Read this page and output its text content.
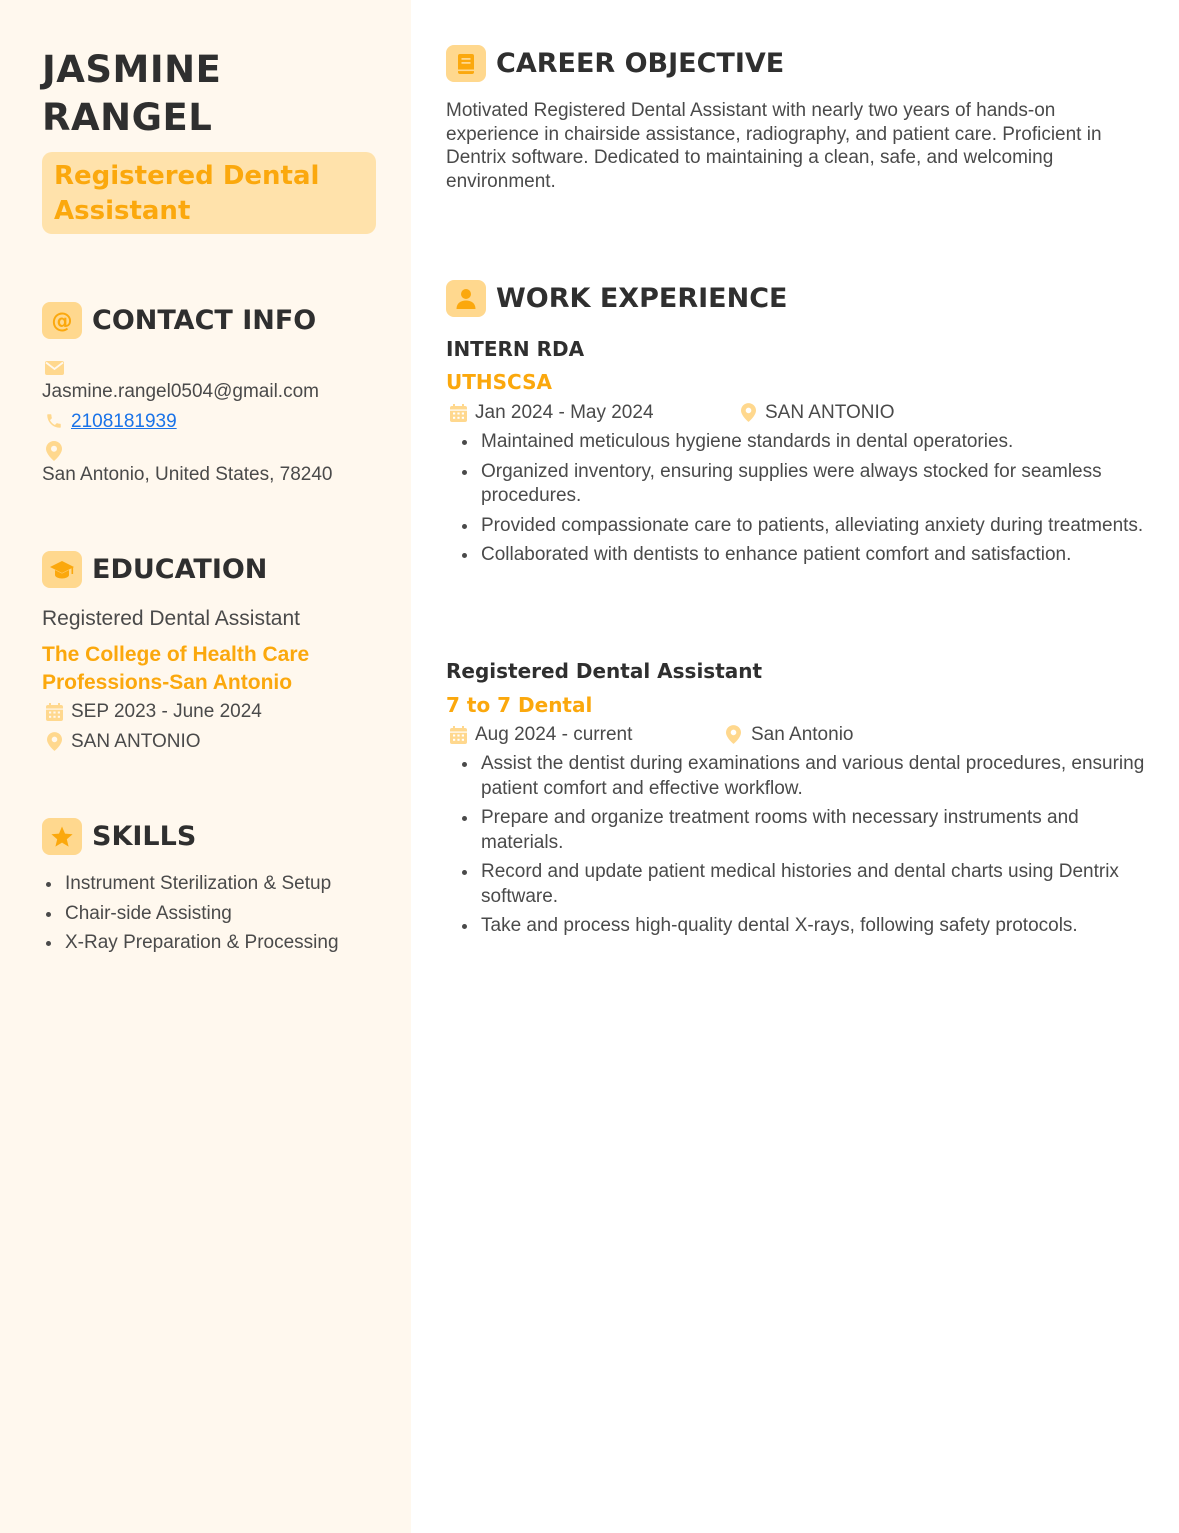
JASMINE
RANGEL
Registered Dental Assistant
@ CONTACT INFO
Jasmine.rangel0504@gmail.com
2108181939
San Antonio, United States, 78240
EDUCATION
Registered Dental Assistant
The College of Health Care Professions-San Antonio
SEP 2023 - June 2024
SAN ANTONIO
SKILLS
Instrument Sterilization & Setup
Chair-side Assisting
X-Ray Preparation & Processing
CAREER OBJECTIVE
Motivated Registered Dental Assistant with nearly two years of hands-on experience in chairside assistance, radiography, and patient care. Proficient in Dentrix software. Dedicated to maintaining a clean, safe, and welcoming environment.
WORK EXPERIENCE
INTERN RDA
UTHSCSA
Jan 2024 - May 2024	SAN ANTONIO
Maintained meticulous hygiene standards in dental operatories.
Organized inventory, ensuring supplies were always stocked for seamless procedures.
Provided compassionate care to patients, alleviating anxiety during treatments.
Collaborated with dentists to enhance patient comfort and satisfaction.
Registered Dental Assistant
7 to 7 Dental
Aug 2024 - current	San Antonio
Assist the dentist during examinations and various dental procedures, ensuring patient comfort and effective workflow.
Prepare and organize treatment rooms with necessary instruments and materials.
Record and update patient medical histories and dental charts using Dentrix software.
Take and process high-quality dental X-rays, following safety protocols.
